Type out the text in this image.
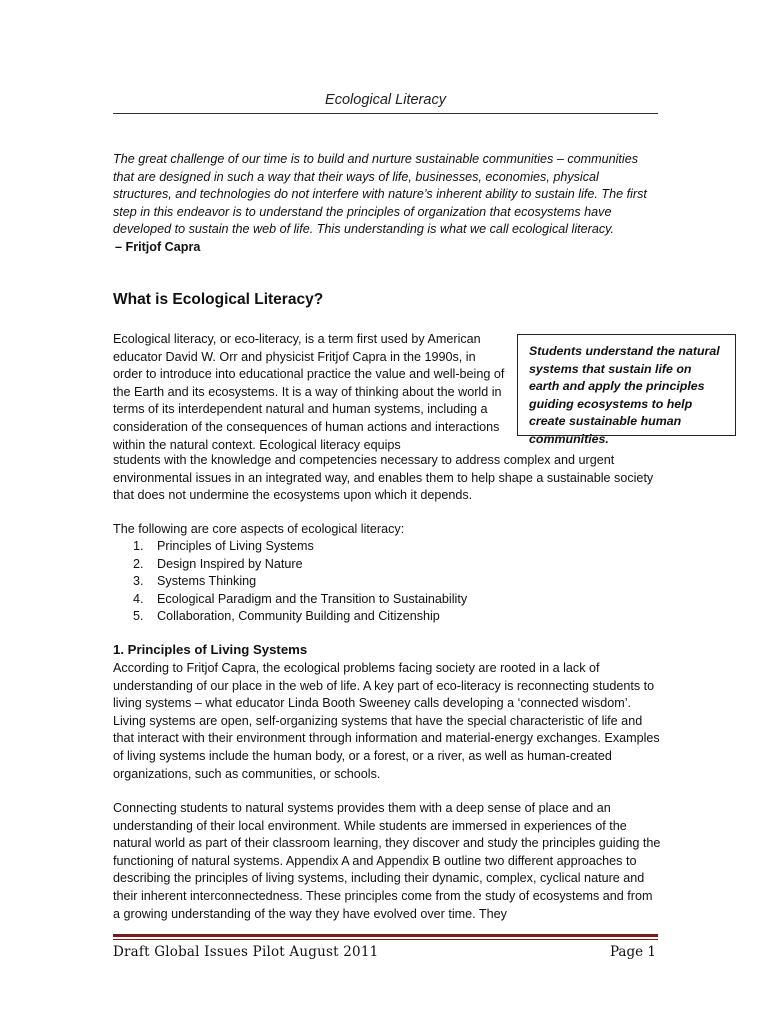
Ecological Literacy
The great challenge of our time is to build and nurture sustainable communities – communities that are designed in such a way that their ways of life, businesses, economies, physical structures, and technologies do not interfere with nature’s inherent ability to sustain life. The first step in this endeavor is to understand the principles of organization that ecosystems have developed to sustain the web of life. This understanding is what we call ecological literacy.
– Fritjof Capra
What is Ecological Literacy?
Students understand the natural systems that sustain life on earth and apply the principles guiding ecosystems to help create sustainable human communities.
Ecological literacy, or eco-literacy, is a term first used by American educator David W. Orr and physicist Fritjof Capra in the 1990s, in order to introduce into educational practice the value and well-being of the Earth and its ecosystems. It is a way of thinking about the world in terms of its interdependent natural and human systems, including a consideration of the consequences of human actions and interactions within the natural context. Ecological literacy equips

students with the knowledge and competencies necessary to address complex and urgent environmental issues in an integrated way, and enables them to help shape a sustainable society that does not undermine the ecosystems upon which it depends.

The following are core aspects of ecological literacy:
1.	Principles of Living Systems
2.	Design Inspired by Nature
3.	Systems Thinking
4.	Ecological Paradigm and the Transition to Sustainability
5.	Collaboration, Community Building and Citizenship
1. Principles of Living Systems

According to Fritjof Capra, the ecological problems facing society are rooted in a lack of understanding of our place in the web of life. A key part of eco-literacy is reconnecting students to living systems – what educator Linda Booth Sweeney calls developing a ‘connected wisdom’. Living systems are open, self-organizing systems that have the special characteristic of life and that interact with their environment through information and material-energy exchanges. Examples of living systems include the human body, or a forest, or a river, as well as human-created organizations, such as communities, or schools.

Connecting students to natural systems provides them with a deep sense of place and an understanding of their local environment. While students are immersed in experiences of the natural world as part of their classroom learning, they discover and study the principles guiding the functioning of natural systems. Appendix A and Appendix B outline two different approaches to describing the principles of living systems, including their dynamic, complex, cyclical nature and their inherent interconnectedness. These principles come from the study of ecosystems and from a growing understanding of the way they have evolved over time. They

Draft Global Issues Pilot August 2011	Page 1
